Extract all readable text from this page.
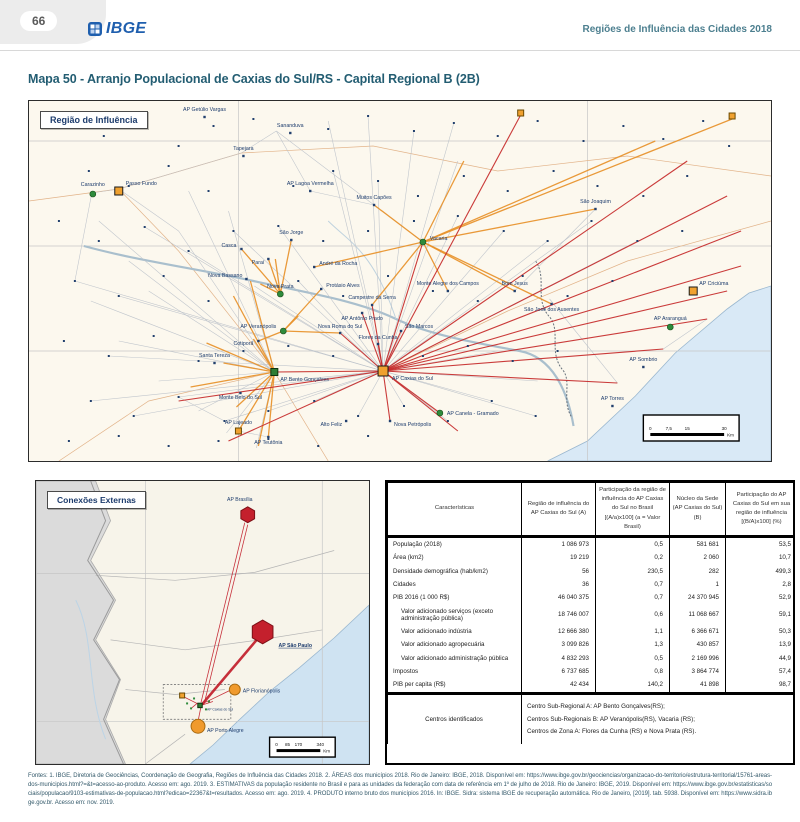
66	IBGE	Regiões de Influência das Cidades 2018
Mapa 50 - Arranjo Populacional de Caxias do Sul/RS - Capital Regional B (2B)
AP Getúlio Vargas
Sananduva
Tapejara
Passo Fundo
Carazinho	AP Lagoa Vermelha
Muitos Capões
Vacaria
São Joaquim
São Jorge
Casca
Paraí	André da Rocha
Nova Bassano
Nova Prata	Protásio Alves
Campestre da Serra
Monte Alegre dos Campos	Bom Jesus
São José dos Ausentes
AP Antônio Prado
AP Veranópolis
Cotiporã
Santa Tereza
Nova Roma do Sul
Flores da Cunha
São Marcos
AP Bento Gonçalves	AP Caxias do Sul
Monte Belo do Sul
Alto Feliz	Nova Petrópolis
AP Canela - Gramado
AP Lajeado
AP Teutônia
AP Criciúma
AP Araranguá
AP Sombrio
AP Torres
0	7,5	15	30
Km
Região de Influência
AP Brasília
AP São Paulo
AP Florianópolis
AP Porto Alegre
AP Caxias do Sul
0 85 170	340
Km
Conexões Externas
Características	Região de influência do AP Caxias do Sul (A)	Participação da região de influência do AP Caxias do Sul no Brasil [(A/a)x100] (a = Valor Brasil)	Núcleo da Sede (AP Caxias do Sul) (B)	Participação do AP Caxias do Sul em sua região de influência [(B/A)x100] (%)
População (2018)	1 086 973	0,5	581 681	53,5
Área (km2)	19 219	0,2	2 060	10,7
Densidade demográfica (hab/km2)	56	230,5	282	499,3
Cidades	36	0,7	1	2,8
PIB 2016 (1 000 R$)	46 040 375	0,7	24 370 945	52,9
Valor adicionado serviços (exceto administração pública)	18 746 007	0,6	11 068 667	59,1
Valor adicionado indústria	12 666 380	1,1	6 366 671	50,3
Valor adicionado agropecuária	3 099 826	1,3	430 857	13,9
Valor adicionado administração pública	4 832 293	0,5	2 169 996	44,9
Impostos	6 737 685	0,8	3 864 774	57,4
PIB per capita (R$)	42 434	140,2	41 898	98,7
Centros identificados	Centro Sub-Regional A: AP Bento Gonçalves(RS);
Centros Sub-Regionais B: AP Veranópolis(RS), Vacaria (RS);
Centros de Zona A: Flores da Cunha (RS) e Nova Prata (RS).			

Fontes: 1. IBGE, Diretoria de Geociências, Coordenação de Geografia, Regiões de Influência das Cidades 2018. 2. ÁREAS dos municípios 2018. Rio de Janeiro: IBGE, 2018. Disponível em: https://www.ibge.gov.br/geociencias/organizacao-do-territorio/estrutura-territorial/15761-areas-dos-municipios.html?=&t=acesso-ao-produto. Acesso em: ago. 2019. 3. ESTIMATIVAS da população residente no Brasil e para as unidades da federação com data de referência em 1º de julho de 2018. Rio de Janeiro: IBGE, 2019. Disponível em: https://www.ibge.gov.br/estatisticas/sociais/populacao/9103-estimativas-de-populacao.html?edicao=22367&t=resultados. Acesso em: ago. 2019. 4. PRODUTO interno bruto dos municípios 2016. In: IBGE. Sidra: sistema IBGE de recuperação automática. Rio de Janeiro, [2019]. tab. 5938. Disponível em: https://www.sidra.ibge.gov.br. Acesso em: nov. 2019.
